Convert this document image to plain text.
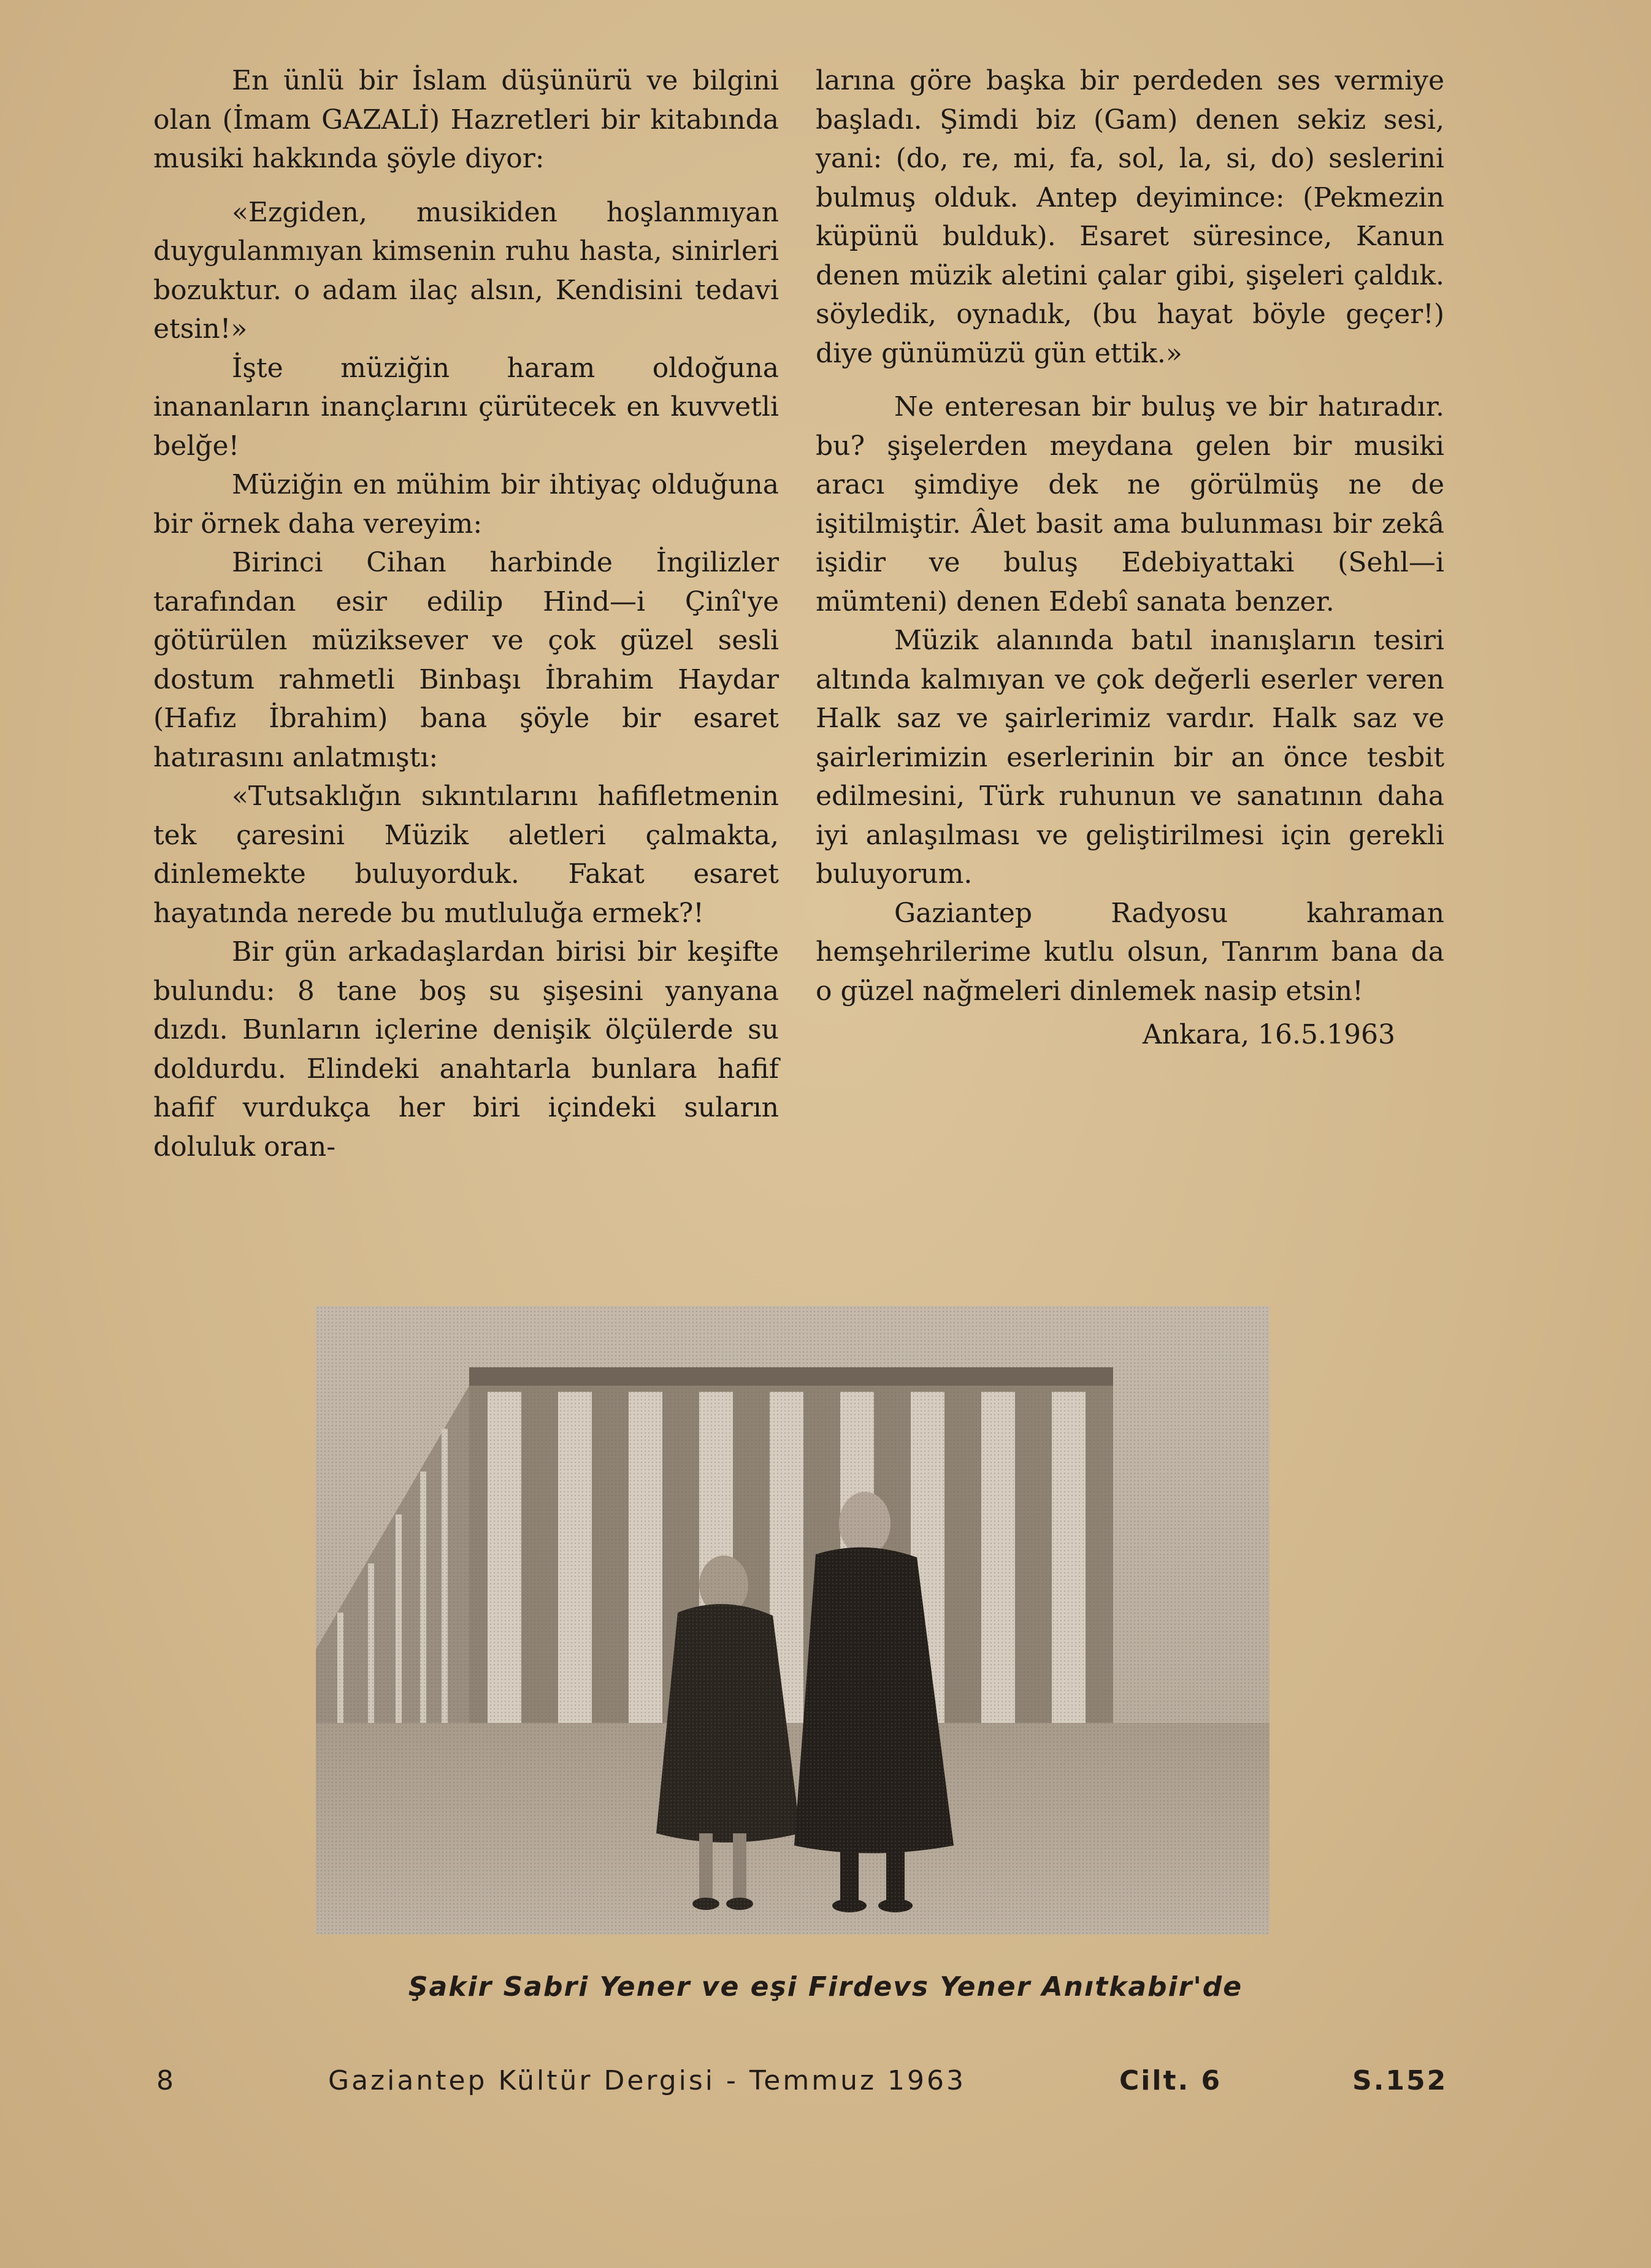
En ünlü bir İslam düşünürü ve bilgini olan (İmam GAZALİ) Hazretleri bir kitabında musiki hakkında şöyle diyor:

«Ezgiden, musikiden hoşlanmıyan duygulanmıyan kimsenin ruhu hasta, sinirleri bozuktur. o adam ilaç alsın, Kendisini tedavi etsin!»

İşte müziğin haram oldoğuna inananların inançlarını çürütecek en kuvvetli belğe!

Müziğin en mühim bir ihtiyaç olduğuna bir örnek daha vereyim:

Birinci Cihan harbinde İngilizler tarafından esir edilip Hind—i Çinî'ye götürülen müziksever ve çok güzel sesli dostum rahmetli Binbaşı İbrahim Haydar (Hafız İbrahim) bana şöyle bir esaret hatırasını anlatmıştı:

«Tutsaklığın sıkıntılarını hafifletmenin tek çaresini Müzik aletleri çalmakta, dinlemekte buluyorduk. Fakat esaret hayatında nerede bu mutluluğa ermek?!

Bir gün arkadaşlardan birisi bir keşifte bulundu: 8 tane boş su şişesini yanyana dızdı. Bunların içlerine denişik ölçülerde su doldurdu. Elindeki anahtarla bunlara hafif hafif vurdukça her biri içindeki suların doluluk oran-

larına göre başka bir perdeden ses vermiye başladı. Şimdi biz (Gam) denen sekiz sesi, yani: (do, re, mi, fa, sol, la, si, do) seslerini bulmuş olduk. Antep deyimince: (Pekmezin küpünü bulduk). Esaret süresince, Kanun denen müzik aletini çalar gibi, şişeleri çaldık. söyledik, oynadık, (bu hayat böyle geçer!) diye günümüzü gün ettik.»

Ne enteresan bir buluş ve bir hatıradır. bu? şişelerden meydana gelen bir musiki aracı şimdiye dek ne görülmüş ne de işitilmiştir. Âlet basit ama bulunması bir zekâ işidir ve buluş Edebiyattaki (Sehl—i mümteni) denen Edebî sanata benzer.

Müzik alanında batıl inanışların tesiri altında kalmıyan ve çok değerli eserler veren Halk saz ve şairlerimiz vardır. Halk saz ve şairlerimizin eserlerinin bir an önce tesbit edilmesini, Türk ruhunun ve sanatının daha iyi anlaşılması ve geliştirilmesi için gerekli buluyorum.

Gaziantep Radyosu kahraman hemşehrilerime kutlu olsun, Tanrım bana da o güzel nağmeleri dinlemek nasip etsin!

Ankara, 16.5.1963

Şakir Sabri Yener ve eşi Firdevs Yener Anıtkabir'de
8	Gaziantep Kültür Dergisi - Temmuz 1963	Cilt. 6	S.152
